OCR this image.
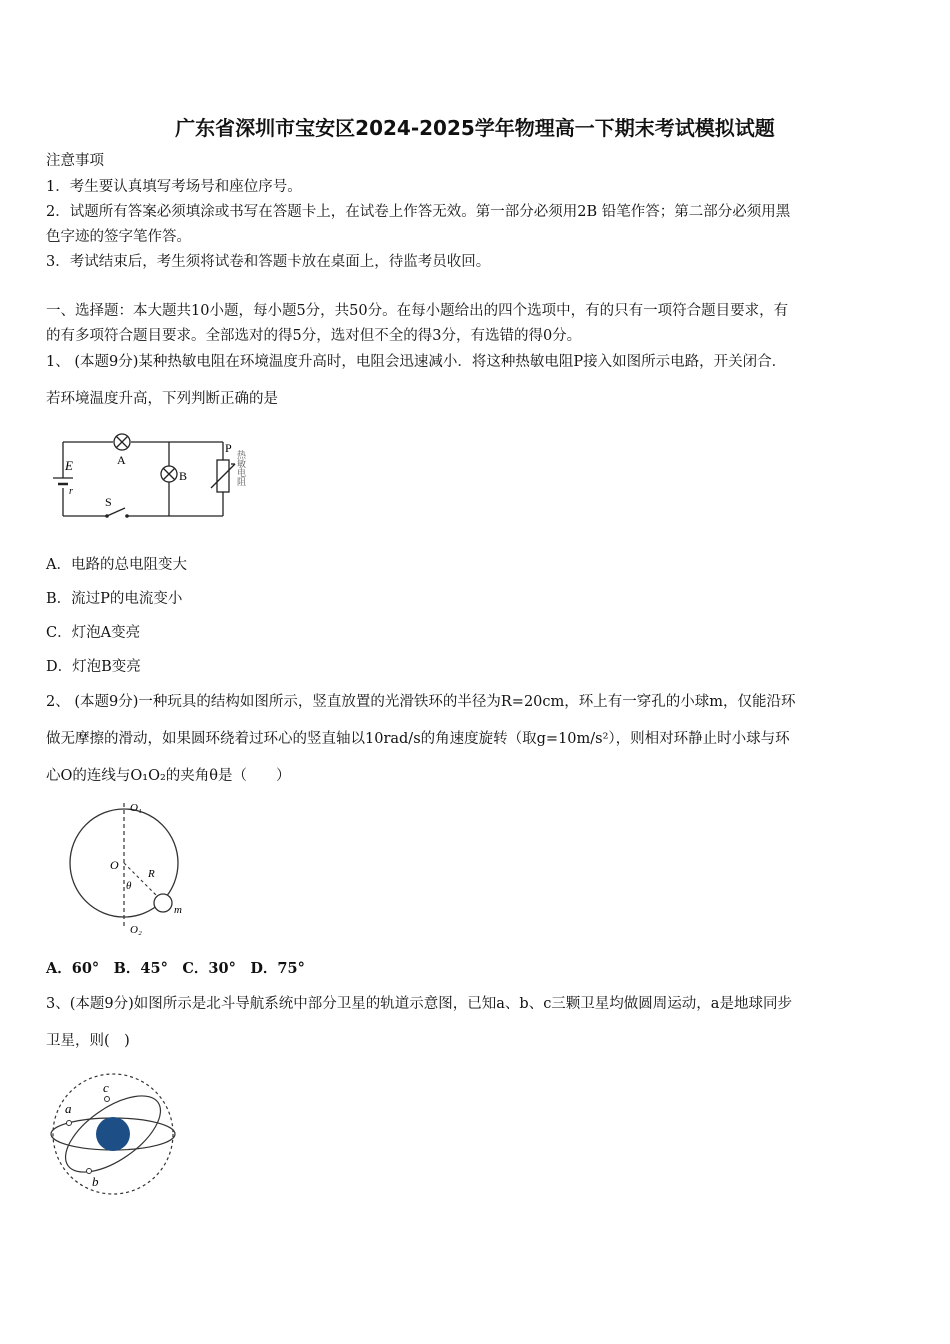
广东省深圳市宝安区2024-2025学年物理高一下期末考试模拟试题
注意事项
1．考生要认真填写考场号和座位序号。
2．试题所有答案必须填涂或书写在答题卡上，在试卷上作答无效。第一部分必须用2B 铅笔作答；第二部分必须用黑
色字迹的签字笔作答。
3．考试结束后，考生须将试卷和答题卡放在桌面上，待监考员收回。
一、选择题：本大题共10小题，每小题5分，共50分。在每小题给出的四个选项中，有的只有一项符合题目要求，有
的有多项符合题目要求。全部选对的得5分，选对但不全的得3分，有选错的得0分。
1、 (本题9分)某种热敏电阻在环境温度升高时，电阻会迅速减小．将这种热敏电阻P接入如图所示电路，开关闭合．
若环境温度升高，下列判断正确的是
E
r
A
B
S
P
热敏电阻
A．电路的总电阻变大
B．流过P的电流变小
C．灯泡A变亮
D．灯泡B变亮
2、 (本题9分)一种玩具的结构如图所示，竖直放置的光滑铁环的半径为R=20cm，环上有一穿孔的小球m，仅能沿环
做无摩擦的滑动，如果圆环绕着过环心的竖直轴以10rad/s的角速度旋转（取g=10m/s²），则相对环静止时小球与环
心O的连线与O₁O₂的夹角θ是（　　）
O₁
O
R
θ
m
O₂
A．60°　B．45°　C．30°　D．75°
3、(本题9分)如图所示是北斗导航系统中部分卫星的轨道示意图，已知a、b、c三颗卫星均做圆周运动，a是地球同步
卫星，则(　)
a
c
b
